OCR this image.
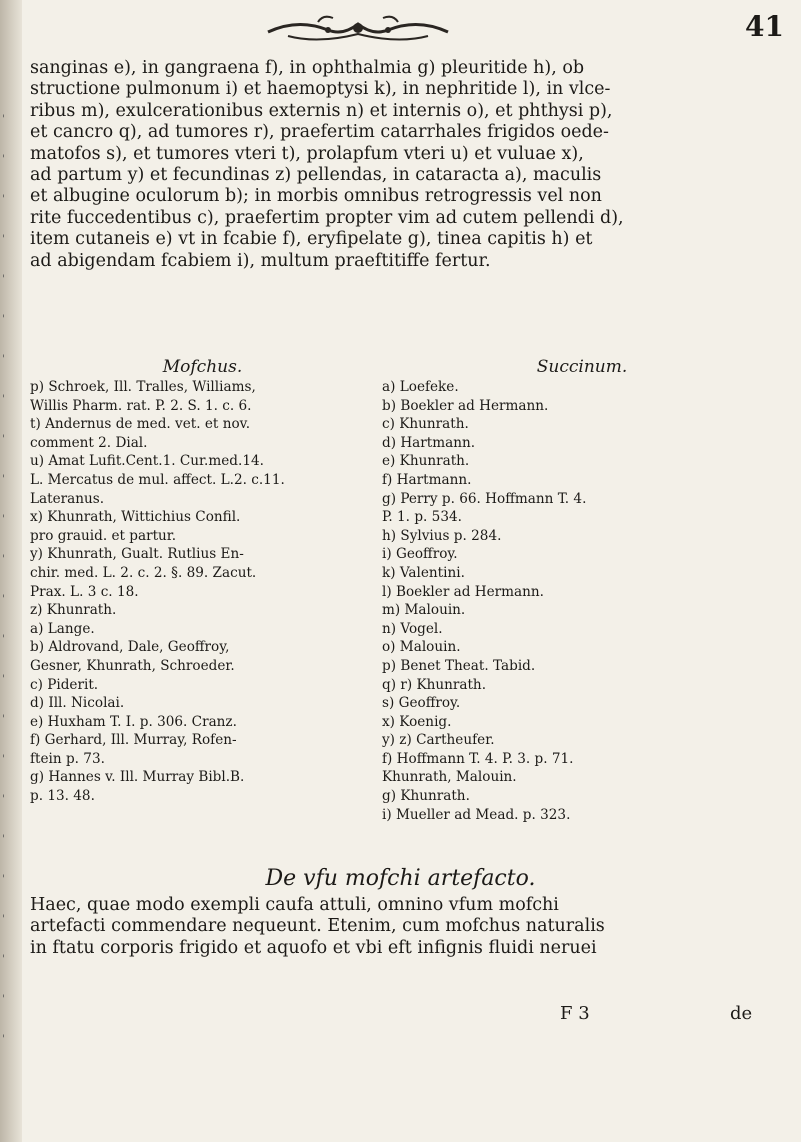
'
'
'
'
'
'
'
'
'
'
'
'
'
'
'
'
'
'
'
'
'
'
'
'
41
sanginas e), in gangraena f), in ophthalmia g) pleuritide h), ob
structione pulmonum i) et haemoptysi k), in nephritide l), in vlce-
ribus m), exulcerationibus externis n) et internis o), et phthysi p),
et cancro q), ad tumores r), praefertim catarrhales frigidos oede-
matofos s), et tumores vteri t), prolapfum vteri u) et vuluae x),
ad partum y) et fecundinas z) pellendas, in cataracta a), maculis
et albugine oculorum b); in morbis omnibus retrogressis vel non
rite fuccedentibus c), praefertim propter vim ad cutem pellendi d),
item cutaneis e) vt in fcabie f), eryfipelate g), tinea capitis h) et
ad abigendam fcabiem i), multum praeftitiffe fertur.
Mofchus.
p) Schroek, Ill. Tralles, Williams,
Willis Pharm. rat. P. 2. S. 1. c. 6.
t) Andernus de med. vet. et nov.
comment 2. Dial.
u) Amat Lufit.Cent.1. Cur.med.14.
L. Mercatus de mul. affect. L.2. c.11.
Lateranus.
x) Khunrath, Wittichius Confil.
pro grauid. et partur.
y) Khunrath, Gualt. Rutlius En-
chir. med. L. 2. c. 2. §. 89. Zacut.
Prax. L. 3 c. 18.
z) Khunrath.
a) Lange.
b) Aldrovand, Dale, Geoffroy,
Gesner, Khunrath, Schroeder.
c) Piderit.
d) Ill. Nicolai.
e) Huxham T. I. p. 306. Cranz.
f) Gerhard, Ill. Murray, Rofen-
ftein p. 73.
g) Hannes v. Ill. Murray Bibl.B.
p. 13. 48.
Succinum.
a) Loefeke.
b) Boekler ad Hermann.
c) Khunrath.
d) Hartmann.
e) Khunrath.
f) Hartmann.
g) Perry p. 66. Hoffmann T. 4.
P. 1. p. 534.
h) Sylvius p. 284.
i) Geoffroy.
k) Valentini.
l) Boekler ad Hermann.
m) Malouin.
n) Vogel.
o) Malouin.
p) Benet Theat. Tabid.
q) r) Khunrath.
s) Geoffroy.
x) Koenig.
y) z) Cartheufer.
f) Hoffmann T. 4. P. 3. p. 71.
Khunrath, Malouin.
g) Khunrath.
i) Mueller ad Mead. p. 323.
De vfu mofchi artefacto.
Haec, quae modo exempli caufa attuli, omnino vfum mofchi
artefacti commendare nequeunt. Etenim, cum mofchus naturalis
in ftatu corporis frigido et aquofo et vbi eft infignis fluidi neruei
F 3	de
